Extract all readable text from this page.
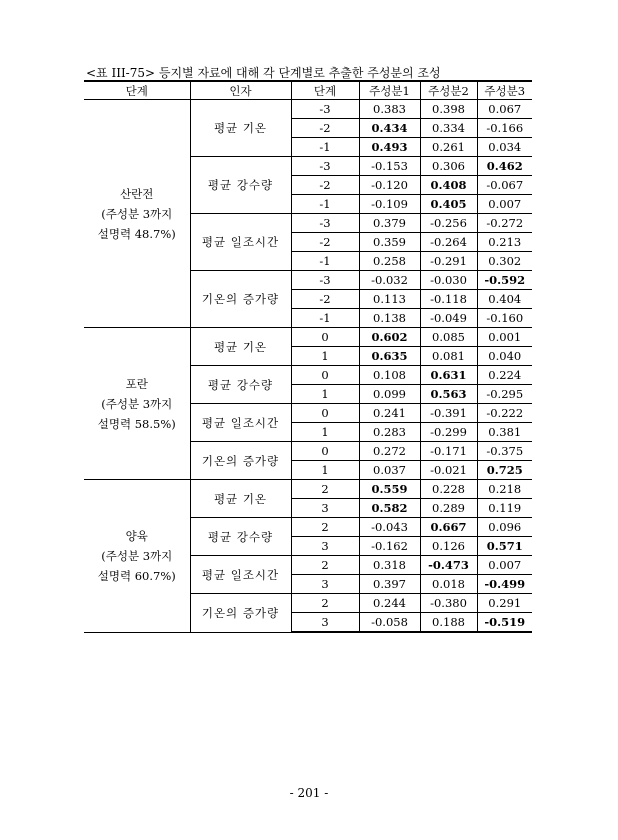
<표 III-75> 등지별 자료에 대해 각 단계별로 추출한 주성분의 조성
단계	인자	단계	주성분1	주성분2	주성분3

산란전
(주성분 3까지
설명력 48.7%)	평균 기온	-3	0.383	0.398	0.067
		-2	0.434	0.334	-0.166
		-1	0.493	0.261	0.034
	평균 강수량	-3	-0.153	0.306	0.462
		-2	-0.120	0.408	-0.067
		-1	-0.109	0.405	0.007
	평균 일조시간	-3	0.379	-0.256	-0.272
		-2	0.359	-0.264	0.213
		-1	0.258	-0.291	0.302
	기온의 증가량	-3	-0.032	-0.030	-0.592
		-2	0.113	-0.118	0.404
		-1	0.138	-0.049	-0.160

포란
(주성분 3까지
설명력 58.5%)	평균 기온	0	0.602	0.085	0.001
		1	0.635	0.081	0.040
	평균 강수량	0	0.108	0.631	0.224
		1	0.099	0.563	-0.295
	평균 일조시간	0	0.241	-0.391	-0.222
		1	0.283	-0.299	0.381
	기온의 증가량	0	0.272	-0.171	-0.375
		1	0.037	-0.021	0.725

양육
(주성분 3까지
설명력 60.7%)	평균 기온	2	0.559	0.228	0.218
		3	0.582	0.289	0.119
	평균 강수량	2	-0.043	0.667	0.096
		3	-0.162	0.126	0.571
	평균 일조시간	2	0.318	-0.473	0.007
		3	0.397	0.018	-0.499
	기온의 증가량	2	0.244	-0.380	0.291
		3	-0.058	0.188	-0.519
- 201 -
